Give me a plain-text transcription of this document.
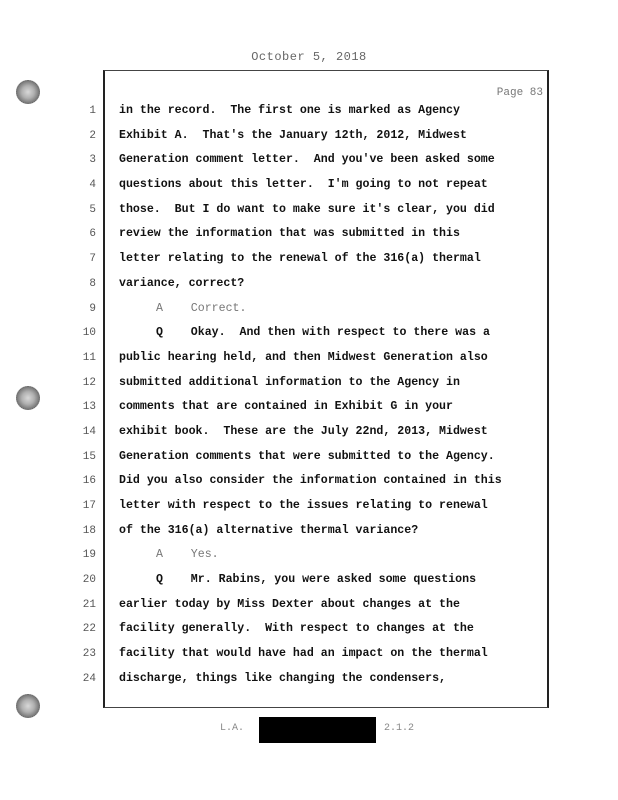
October 5, 2018
Page 83
1 in the record.  The first one is marked as Agency
2 Exhibit A.  That's the January 12th, 2012, Midwest
3 Generation comment letter.  And you've been asked some
4 questions about this letter.  I'm going to not repeat
5 those.  But I do want to make sure it's clear, you did
6 review the information that was submitted in this
7 letter relating to the renewal of the 316(a) thermal
8 variance, correct?
9	A    Correct.
10	Q    Okay.  And then with respect to there was a
11 public hearing held, and then Midwest Generation also
12 submitted additional information to the Agency in
13 comments that are contained in Exhibit G in your
14 exhibit book.  These are the July 22nd, 2013, Midwest
15 Generation comments that were submitted to the Agency.
16 Did you also consider the information contained in this
17 letter with respect to the issues relating to renewal
18 of the 316(a) alternative thermal variance?
19	A    Yes.
20	Q    Mr. Rabins, you were asked some questions
21 earlier today by Miss Dexter about changes at the
22 facility generally.  With respect to changes at the
23 facility that would have had an impact on the thermal
24 discharge, things like changing the condensers,
L.A.	2.1.2
